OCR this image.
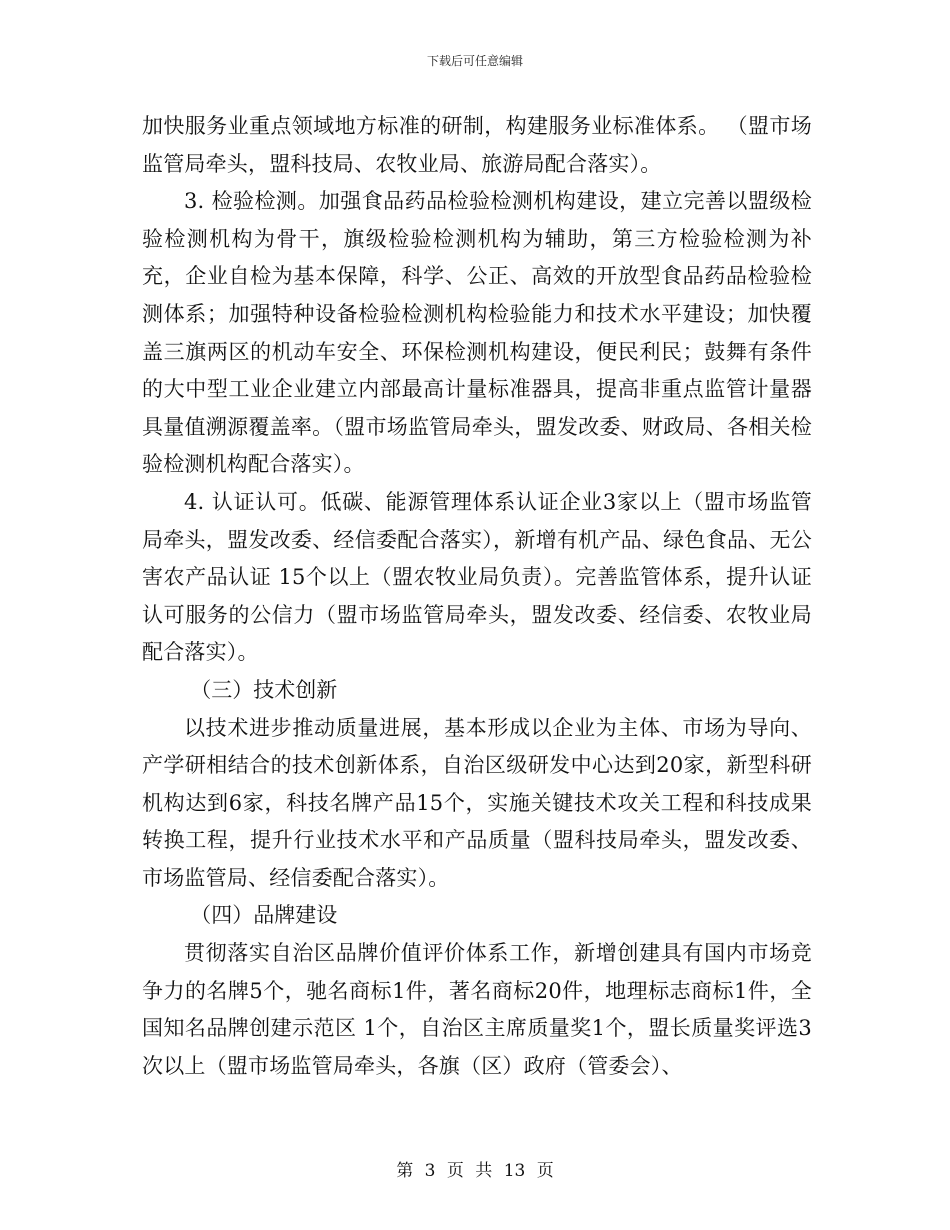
下载后可任意编辑

加快服务业重点领域地方标准的研制，构建服务业标准体系。 （盟市场监管局牵头，盟科技局、农牧业局、旅游局配合落实）。

3. 检验检测。加强食品药品检验检测机构建设，建立完善以盟级检验检测机构为骨干，旗级检验检测机构为辅助，第三方检验检测为补充，企业自检为基本保障，科学、公正、高效的开放型食品药品检验检测体系；加强特种设备检验检测机构检验能力和技术水平建设；加快覆盖三旗两区的机动车安全、环保检测机构建设，便民利民；鼓舞有条件的大中型工业企业建立内部最高计量标准器具，提高非重点监管计量器具量值溯源覆盖率。（盟市场监管局牵头，盟发改委、财政局、各相关检验检测机构配合落实）。

4. 认证认可。低碳、能源管理体系认证企业3家以上（盟市场监管局牵头，盟发改委、经信委配合落实），新增有机产品、绿色食品、无公害农产品认证 15个以上（盟农牧业局负责）。完善监管体系，提升认证认可服务的公信力（盟市场监管局牵头，盟发改委、经信委、农牧业局配合落实）。

（三）技术创新

以技术进步推动质量进展，基本形成以企业为主体、市场为导向、产学研相结合的技术创新体系，自治区级研发中心达到20家，新型科研机构达到6家，科技名牌产品15个，实施关键技术攻关工程和科技成果转换工程，提升行业技术水平和产品质量（盟科技局牵头，盟发改委、市场监管局、经信委配合落实）。

（四）品牌建设

贯彻落实自治区品牌价值评价体系工作，新增创建具有国内市场竞争力的名牌5个，驰名商标1件，著名商标20件，地理标志商标1件，全国知名品牌创建示范区 1个，自治区主席质量奖1个，盟长质量奖评选3次以上（盟市场监管局牵头，各旗（区）政府（管委会）、

第 3 页 共 13 页
